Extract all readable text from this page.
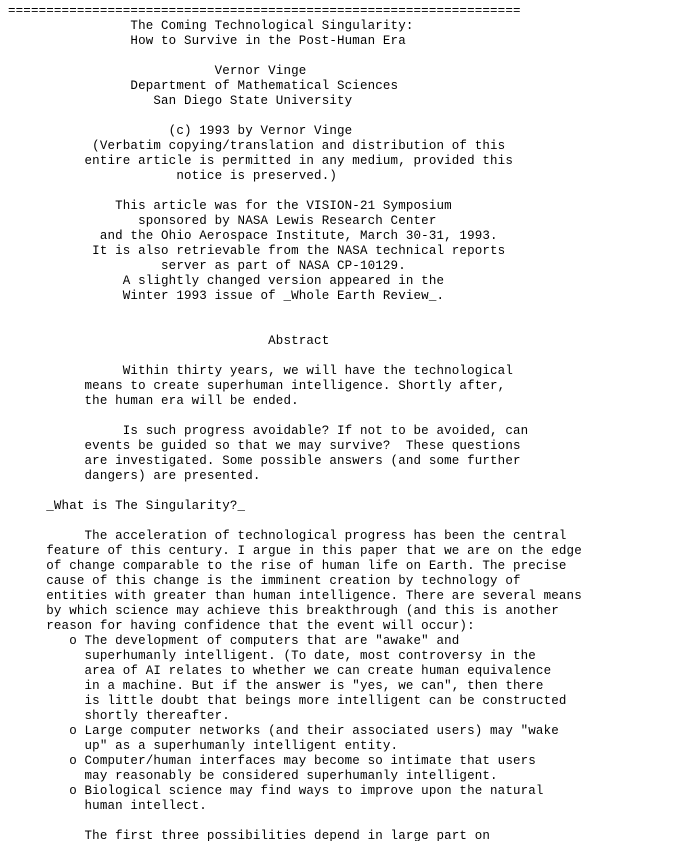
===================================================================
The Coming Technological Singularity:
How to Survive in the Post-Human Era

Vernor Vinge
Department of Mathematical Sciences
San Diego State University

(c) 1993 by Vernor Vinge
(Verbatim copying/translation and distribution of this
entire article is permitted in any medium, provided this
notice is preserved.)

This article was for the VISION-21 Symposium
sponsored by NASA Lewis Research Center
and the Ohio Aerospace Institute, March 30-31, 1993.
It is also retrievable from the NASA technical reports
server as part of NASA CP-10129.
A slightly changed version appeared in the
Winter 1993 issue of _Whole Earth Review_.

Abstract

Within thirty years, we will have the technological
means to create superhuman intelligence. Shortly after,
the human era will be ended.

Is such progress avoidable? If not to be avoided, can
events be guided so that we may survive?  These questions
are investigated. Some possible answers (and some further
dangers) are presented.

_What is The Singularity?_

The acceleration of technological progress has been the central
feature of this century. I argue in this paper that we are on the edge
of change comparable to the rise of human life on Earth. The precise
cause of this change is the imminent creation by technology of
entities with greater than human intelligence. There are several means
by which science may achieve this breakthrough (and this is another
reason for having confidence that the event will occur):
o The development of computers that are "awake" and
superhumanly intelligent. (To date, most controversy in the
area of AI relates to whether we can create human equivalence
in a machine. But if the answer is "yes, we can", then there
is little doubt that beings more intelligent can be constructed
shortly thereafter.
o Large computer networks (and their associated users) may "wake
up" as a superhumanly intelligent entity.
o Computer/human interfaces may become so intimate that users
may reasonably be considered superhumanly intelligent.
o Biological science may find ways to improve upon the natural
human intellect.

The first three possibilities depend in large part on
